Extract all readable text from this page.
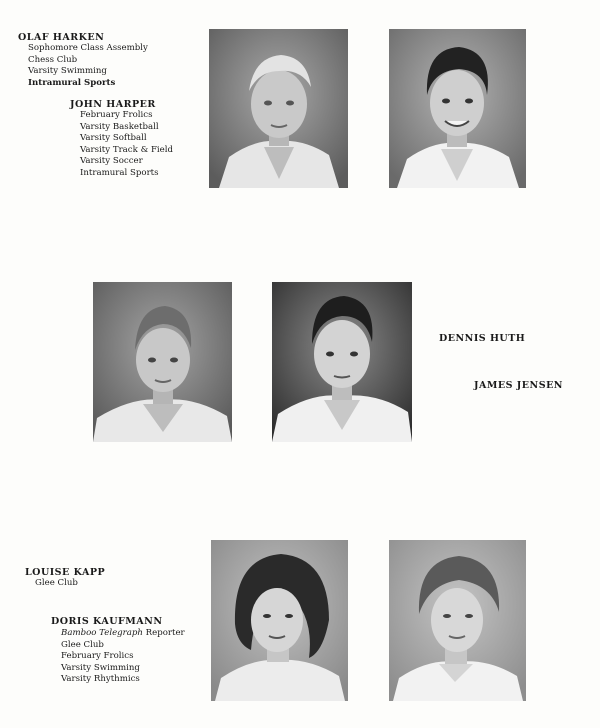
OLAF HARKEN
Sophomore Class Assembly
Chess Club
Varsity Swimming
Intramural Sports
JOHN HARPER
February Frolics
Varsity Basketball
Varsity Softball
Varsity Track & Field
Varsity Soccer
Intramural Sports
DENNIS HUTH
JAMES JENSEN
LOUISE KAPP
Glee Club
DORIS KAUFMANN
Bamboo Telegraph Reporter
Glee Club
February Frolics
Varsity Swimming
Varsity Rhythmics
